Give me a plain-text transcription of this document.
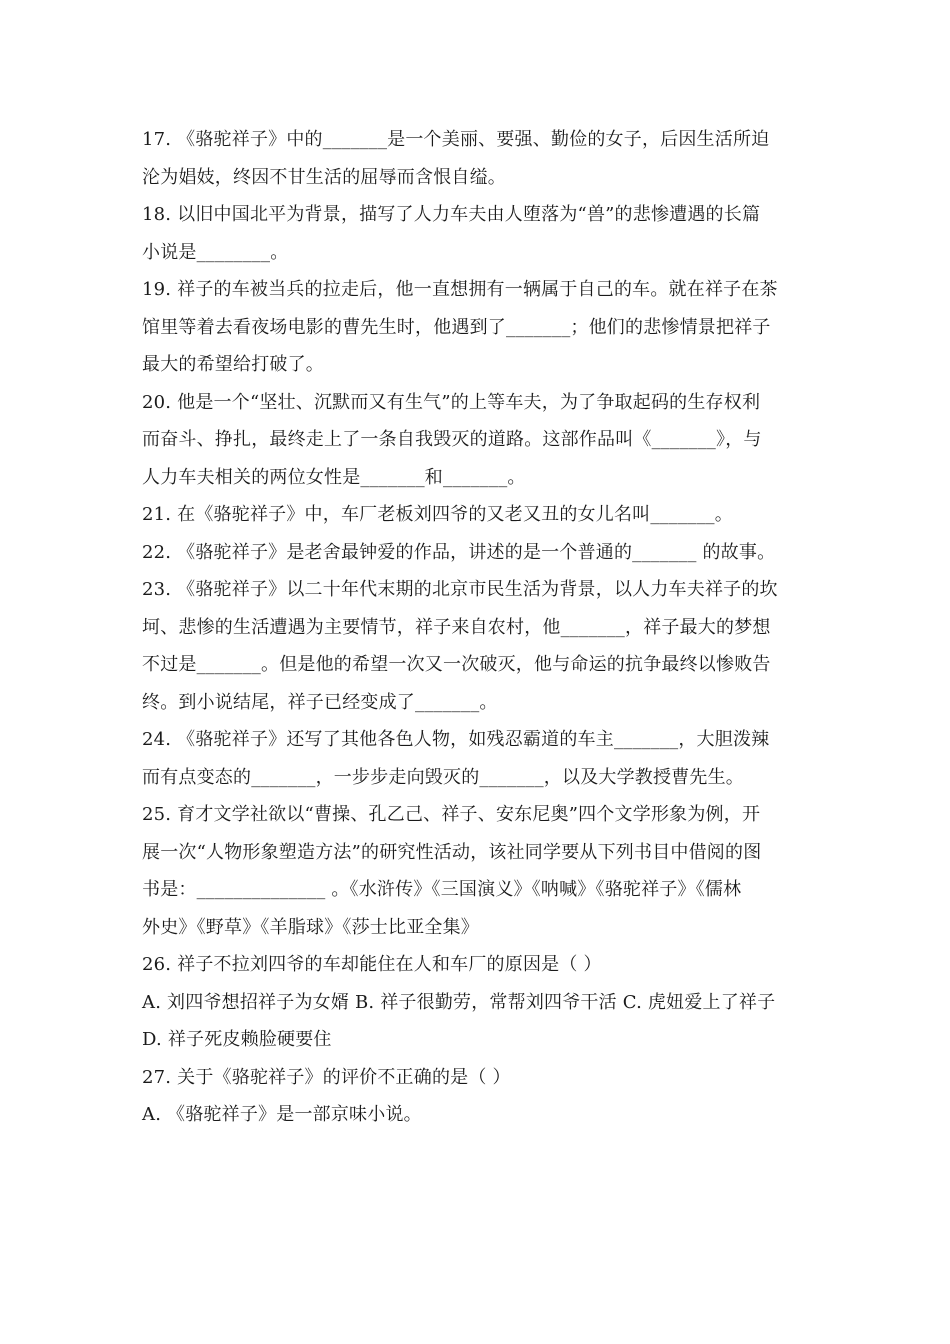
17. 《骆驼祥子》中的_______是一个美丽、要强、勤俭的女子，后因生活所迫
沦为娼妓，终因不甘生活的屈辱而含恨自缢。
18. 以旧中国北平为背景，描写了人力车夫由人堕落为“兽”的悲惨遭遇的长篇
小说是________。
19. 祥子的车被当兵的拉走后，他一直想拥有一辆属于自己的车。就在祥子在茶
馆里等着去看夜场电影的曹先生时，他遇到了_______；他们的悲惨情景把祥子
最大的希望给打破了。
20. 他是一个“坚壮、沉默而又有生气”的上等车夫，为了争取起码的生存权利
而奋斗、挣扎，最终走上了一条自我毁灭的道路。这部作品叫《_______》，与
人力车夫相关的两位女性是_______和_______。
21. 在《骆驼祥子》中，车厂老板刘四爷的又老又丑的女儿名叫_______。
22. 《骆驼祥子》是老舍最钟爱的作品，讲述的是一个普通的_______ 的故事。
23. 《骆驼祥子》以二十年代末期的北京市民生活为背景，以人力车夫祥子的坎
坷、悲惨的生活遭遇为主要情节，祥子来自农村，他_______，祥子最大的梦想
不过是_______。但是他的希望一次又一次破灭，他与命运的抗争最终以惨败告
终。到小说结尾，祥子已经变成了_______。
24. 《骆驼祥子》还写了其他各色人物，如残忍霸道的车主_______，大胆泼辣
而有点变态的_______，一步步走向毁灭的_______，以及大学教授曹先生。
25. 育才文学社欲以“曹操、孔乙己、祥子、安东尼奥”四个文学形象为例，开
展一次“人物形象塑造方法”的研究性活动，该社同学要从下列书目中借阅的图
书是：______________ 。《水浒传》《三国演义》《呐喊》《骆驼祥子》《儒林
外史》《野草》《羊脂球》《莎士比亚全集》
26. 祥子不拉刘四爷的车却能住在人和车厂的原因是（ ）
A. 刘四爷想招祥子为女婿 B. 祥子很勤劳，常帮刘四爷干活 C. 虎妞爱上了祥子
D. 祥子死皮赖脸硬要住
27. 关于《骆驼祥子》的评价不正确的是（ ）
A. 《骆驼祥子》是一部京味小说。
